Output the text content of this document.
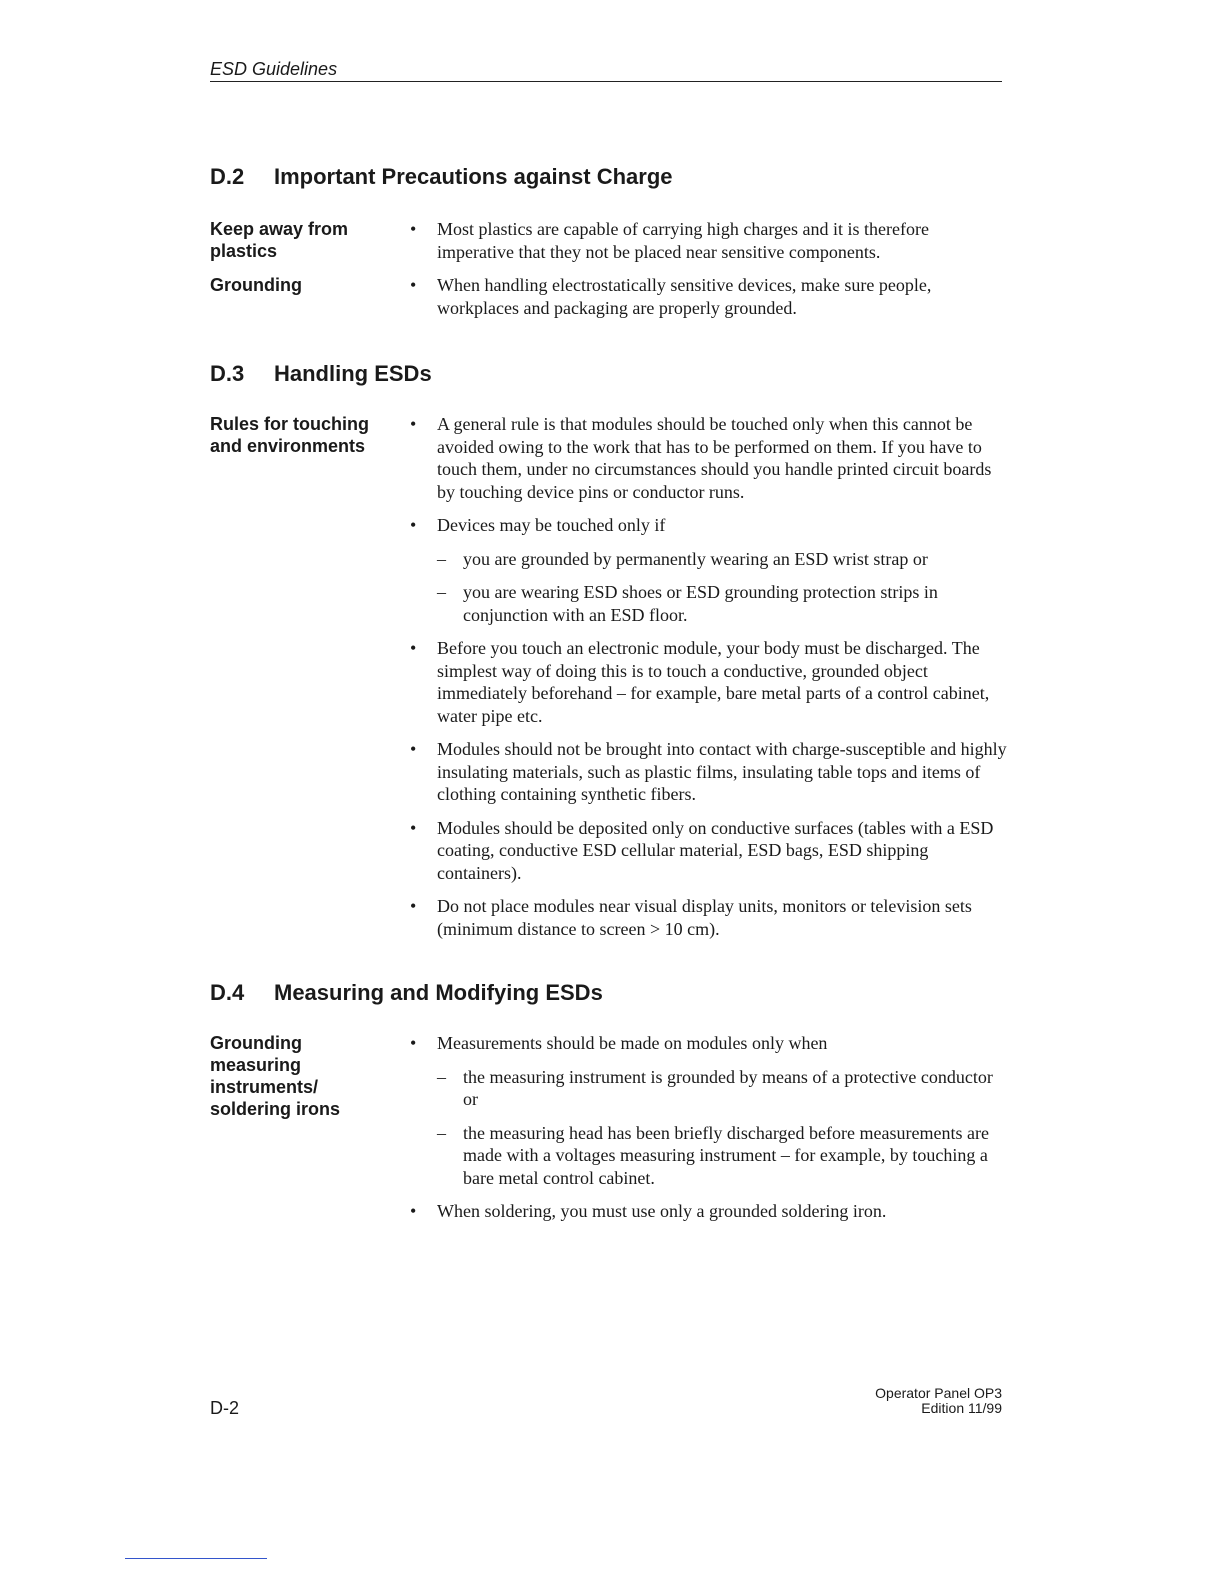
ESD Guidelines
D.2	Important Precautions against Charge
Keep away from
plastics
• Most plastics are capable of carrying high charges and it is therefore imperative that they not be placed near sensitive components.
Grounding
•	When handling electrostatically sensitive devices, make sure people, workplaces and packaging are properly grounded.
D.3	Handling ESDs
Rules for touching
and environments
• A general rule is that modules should be touched only when this cannot be avoided owing to the work that has to be performed on them. If you have to touch them, under no circumstances should you handle printed circuit boards by touching device pins or conductor runs.
• Devices may be touched only if
– you are grounded by permanently wearing an ESD wrist strap or
– you are wearing ESD shoes or ESD grounding protection strips in conjunction with an ESD floor.
• Before you touch an electronic module, your body must be discharged. The simplest way of doing this is to touch a conductive, grounded object immediately beforehand – for example, bare metal parts of a control cabinet, water pipe etc.
• Modules should not be brought into contact with charge-susceptible and highly insulating materials, such as plastic films, insulating table tops and items of clothing containing synthetic fibers.
• Modules should be deposited only on conductive surfaces (tables with a ESD coating, conductive ESD cellular material, ESD bags, ESD shipping containers).
• Do not place modules near visual display units, monitors or television sets (minimum distance to screen > 10 cm).
D.4	Measuring and Modifying ESDs
Grounding
measuring
instruments/
soldering irons
• Measurements should be made on modules only when
– the measuring instrument is grounded by means of a protective conductor
or
– the measuring head has been briefly discharged before measurements are made with a voltages measuring instrument – for example, by touching a bare metal control cabinet.
• When soldering, you must use only a grounded soldering iron.
D-2
Operator Panel OP3
Edition 11/99
